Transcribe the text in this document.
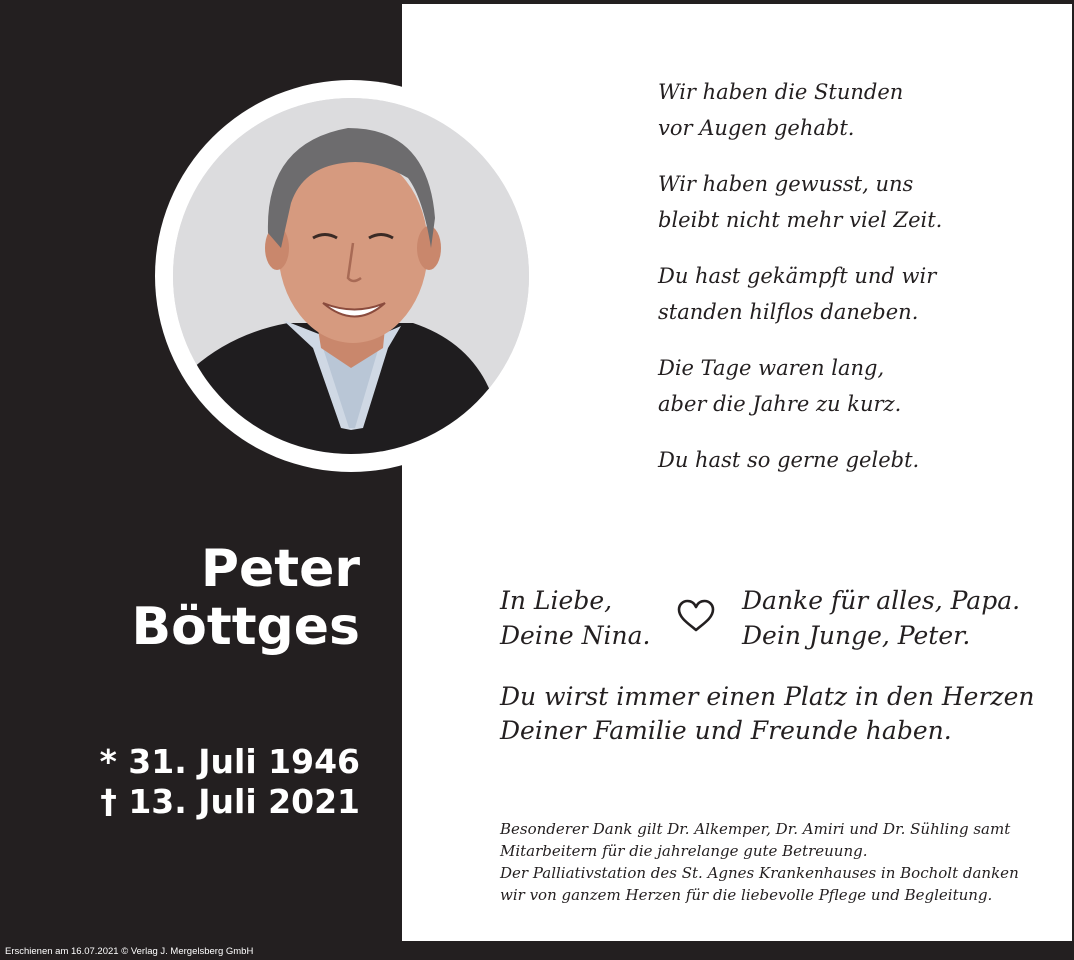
Peter
Böttges
* 31. Juli 1946
† 13. Juli 2021
Wir haben die Stunden
vor Augen gehabt.
Wir haben gewusst, uns
bleibt nicht mehr viel Zeit.
Du hast gekämpft und wir
standen hilflos daneben.
Die Tage waren lang,
aber die Jahre zu kurz.
Du hast so gerne gelebt.
In Liebe,
Deine Nina.
Danke für alles, Papa.
Dein Junge, Peter.
Du wirst immer einen Platz in den Herzen
Deiner Familie und Freunde haben.
Besonderer Dank gilt Dr. Alkemper, Dr. Amiri und Dr. Sühling samt
Mitarbeitern für die jahrelange gute Betreuung.
Der Palliativstation des St. Agnes Krankenhauses in Bocholt danken
wir von ganzem Herzen für die liebevolle Pflege und Begleitung.
Erschienen am 16.07.2021 © Verlag J. Mergelsberg GmbH
